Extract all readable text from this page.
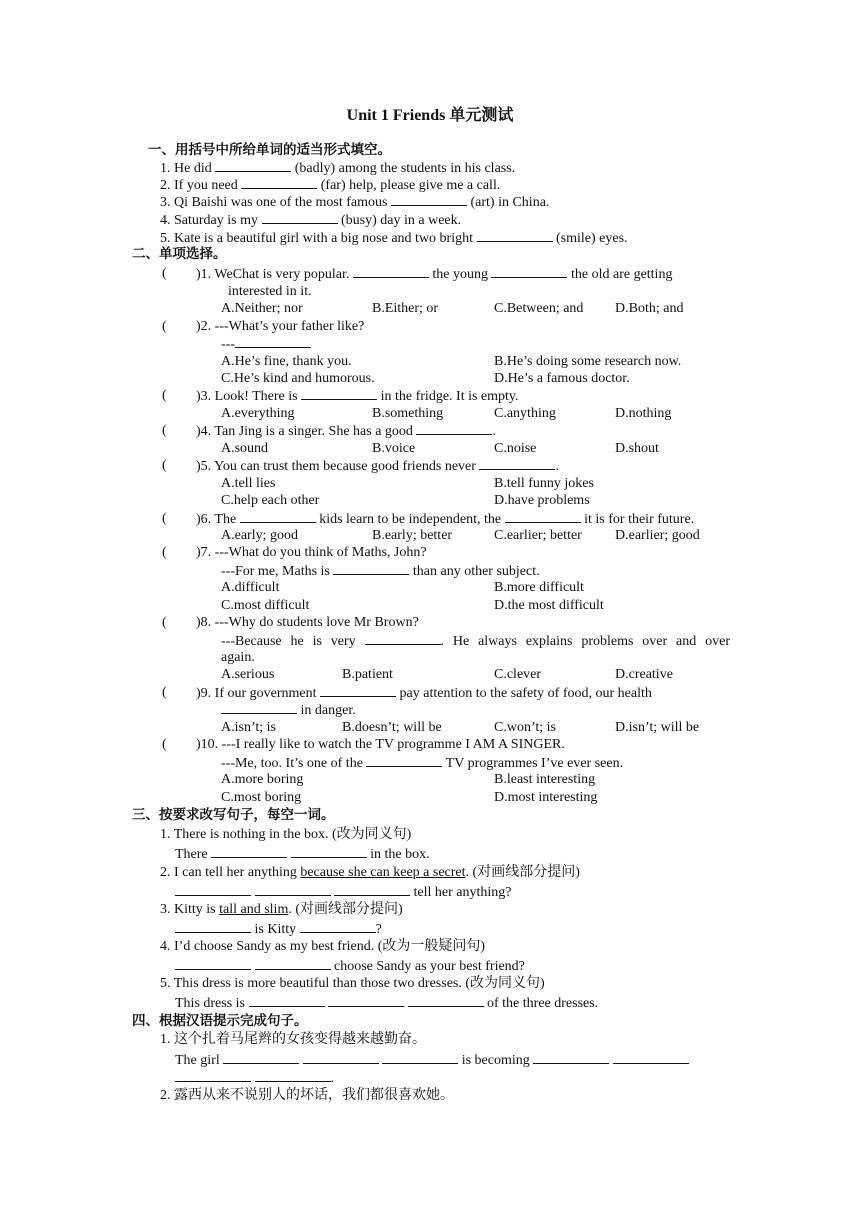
Unit 1 Friends 单元测试
一、用括号中所给单词的适当形式填空。
1. He did	(badly) among the students in his class.
2. If you need	(far) help, please give me a call.
3. Qi Baishi was one of the most famous	(art) in China.
4. Saturday is my	(busy) day in a week.
5. Kate is a beautiful girl with a big nose and two bright	(smile) eyes.
二、单项选择。
( )1. WeChat is very popular.	the young	the old are getting
interested in it.
A.Neither; nor	B.Either; or	C.Between; and D.Both; and
( )2. ---What’s your father like?
---
A.He’s fine, thank you.	B.He’s doing some research now.
C.He’s kind and humorous.	D.He’s a famous doctor.
( )3. Look! There is	in the fridge. It is empty.
A.everything	B.something	C.anything	D.nothing
( )4. Tan Jing is a singer. She has a good	.
A.sound	B.voice	C.noise	D.shout
( )5. You can trust them because good friends never	.
A.tell lies	B.tell funny jokes
C.help each other	D.have problems
( )6. The	kids learn to be independent, the	it is for their future.
A.early; good	B.early; better	C.earlier; better D.earlier; good
( )7. ---What do you think of Maths, John?
---For me, Maths is	than any other subject.
A.difficult	B.more difficult
C.most difficult	D.the most difficult
( )8. ---Why do students love Mr Brown?
---Because he is very	. He always explains problems over and over
again.
A.serious	B.patient	C.clever	D.creative
( )9. If our government	pay attention to the safety of food, our health
in danger.
A.isn’t; is	B.doesn’t; will be	C.won’t; is	D.isn’t; will be
( )10. ---I really like to watch the TV programme I AM A SINGER.
---Me, too. It’s one of the	TV programmes I’ve ever seen.
A.more boring	B.least interesting
C.most boring	D.most interesting
三、按要求改写句子，每空一词。
1. There is nothing in the box. (改为同义句)
There	in the box.
2. I can tell her anything because she can keep a secret. (对画线部分提问)
tell her anything?
3. Kitty is tall and slim. (对画线部分提问)
is Kitty	?
4. I’d choose Sandy as my best friend. (改为一般疑问句)
choose Sandy as your best friend?
5. This dress is more beautiful than those two dresses. (改为同义句)
This dress is	of the three dresses.
四、根据汉语提示完成句子。
1. 这个扎着马尾辫的女孩变得越来越勤奋。
The girl	is becoming
.
2. 露西从来不说别人的坏话，我们都很喜欢她。
